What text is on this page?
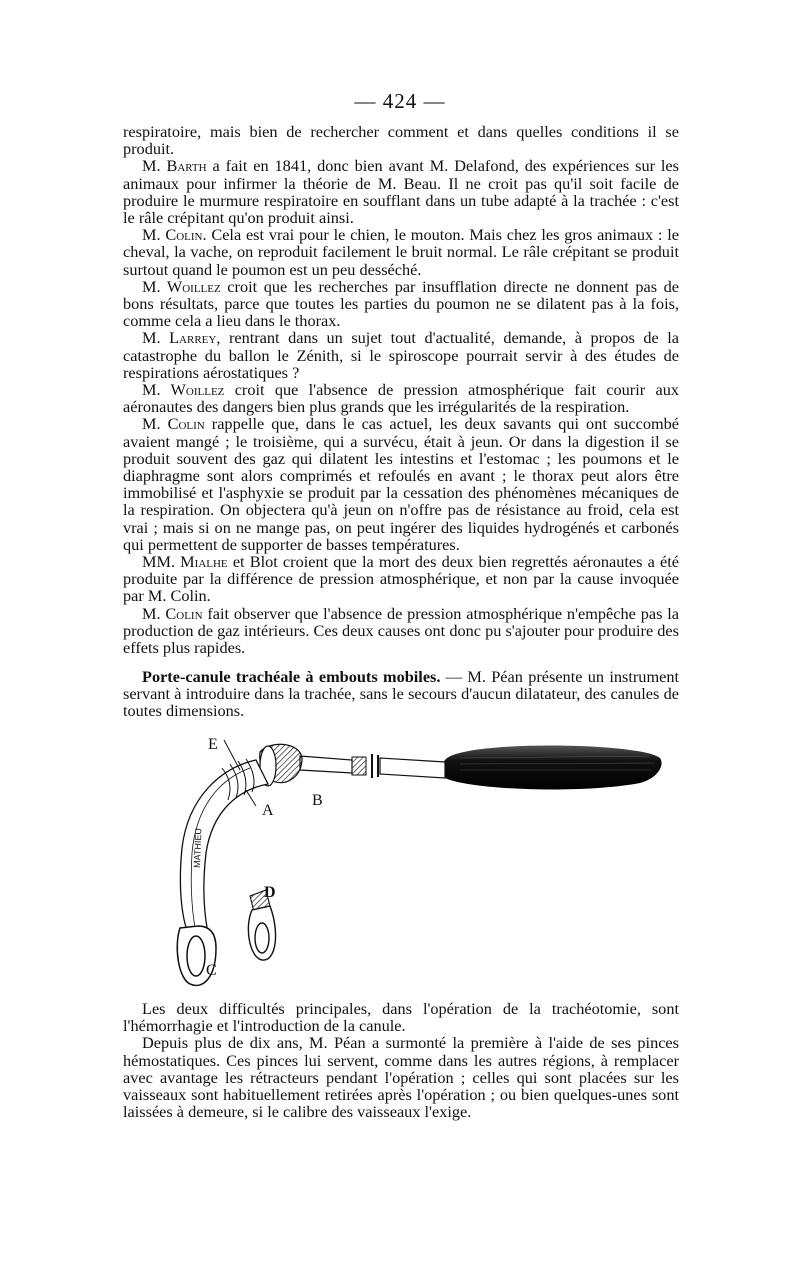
— 424 —

respiratoire, mais bien de rechercher comment et dans quelles conditions il se produit.

M. Barth a fait en 1841, donc bien avant M. Delafond, des expériences sur les animaux pour infirmer la théorie de M. Beau. Il ne croit pas qu'il soit facile de produire le murmure respiratoire en soufflant dans un tube adapté à la trachée : c'est le râle crépitant qu'on produit ainsi.

M. Colin. Cela est vrai pour le chien, le mouton. Mais chez les gros animaux : le cheval, la vache, on reproduit facilement le bruit normal. Le râle crépitant se produit surtout quand le poumon est un peu desséché.

M. Woillez croit que les recherches par insufflation directe ne donnent pas de bons résultats, parce que toutes les parties du poumon ne se dilatent pas à la fois, comme cela a lieu dans le thorax.

M. Larrey, rentrant dans un sujet tout d'actualité, demande, à propos de la catastrophe du ballon le Zénith, si le spiroscope pourrait servir à des études de respirations aérostatiques ?

M. Woillez croit que l'absence de pression atmosphérique fait courir aux aéronautes des dangers bien plus grands que les irrégularités de la respiration.

M. Colin rappelle que, dans le cas actuel, les deux savants qui ont succombé avaient mangé ; le troisième, qui a survécu, était à jeun. Or dans la digestion il se produit souvent des gaz qui dilatent les intestins et l'estomac ; les poumons et le diaphragme sont alors comprimés et refoulés en avant ; le thorax peut alors être immobilisé et l'asphyxie se produit par la cessation des phénomènes mécaniques de la respiration. On objectera qu'à jeun on n'offre pas de résistance au froid, cela est vrai ; mais si on ne mange pas, on peut ingérer des liquides hydrogénés et carbonés qui permettent de supporter de basses températures.

MM. Mialhe et Blot croient que la mort des deux bien regrettés aéronautes a été produite par la différence de pression atmosphérique, et non par la cause invoquée par M. Colin.

M. Colin fait observer que l'absence de pression atmosphérique n'empêche pas la production de gaz intérieurs. Ces deux causes ont donc pu s'ajouter pour produire des effets plus rapides.

Porte-canule trachéale à embouts mobiles. — M. Péan présente un instrument servant à introduire dans la trachée, sans le secours d'aucun dilatateur, des canules de toutes dimensions.

MATHIEU
E
A
B
C
D

Les deux difficultés principales, dans l'opération de la trachéotomie, sont l'hémorrhagie et l'introduction de la canule.

Depuis plus de dix ans, M. Péan a surmonté la première à l'aide de ses pinces hémostatiques. Ces pinces lui servent, comme dans les autres régions, à remplacer avec avantage les rétracteurs pendant l'opération ; celles qui sont placées sur les vaisseaux sont habituellement retirées après l'opération ; ou bien quelques-unes sont laissées à demeure, si le calibre des vaisseaux l'exige.
